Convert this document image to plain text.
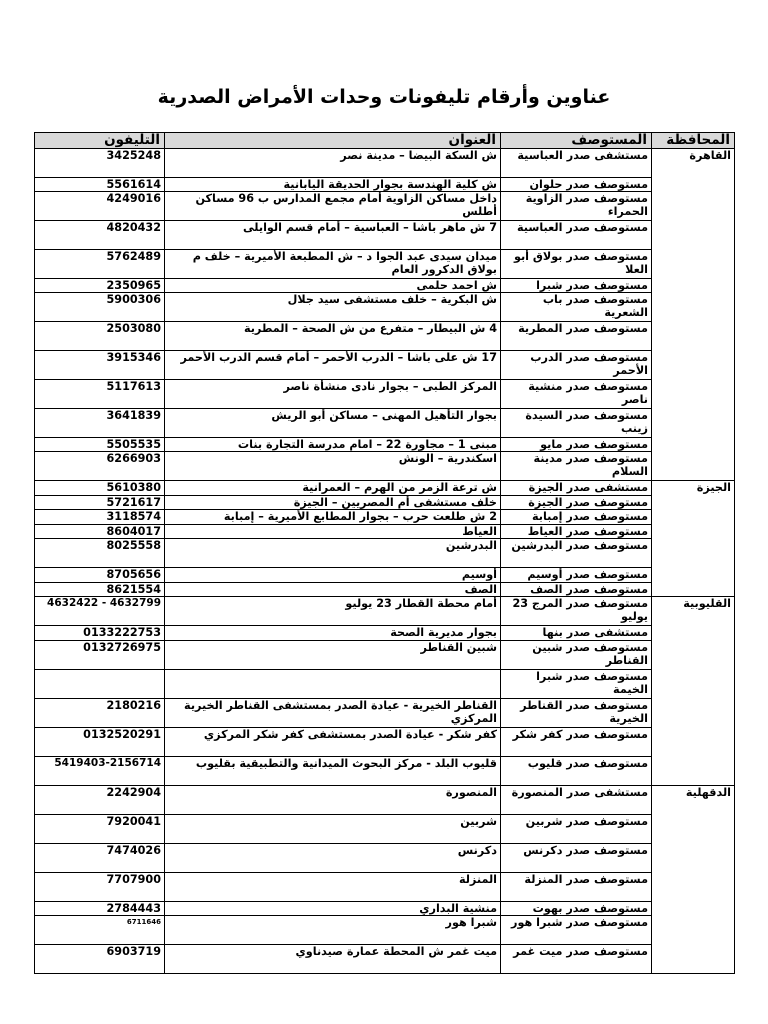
عناوين وأرقام تليفونات وحدات الأمراض الصدرية
المحافظة	المستوصف	العنوان	التليفون
القاهرة	مستشفى صدر العباسية	ش السكة البيضا – مدينة نصر	3425248
	مستوصف صدر حلوان	ش كلية الهندسة بجوار الحديقة اليابانية	5561614
	مستوصف صدر الزاوية الحمراء	داخل مساكن الزاوية أمام مجمع المدارس ب 96 مساكن أطلس	4249016
	مستوصف صدر العباسية	7 ش ماهر باشا – العباسية – أمام قسم الوايلى	4820432
	مستوصف صدر بولاق أبو العلا	ميدان سيدى عبد الجوا د – ش المطبعة الأميرية – خلف م بولاق الدكرور العام	5762489
	مستوصف صدر شبرا	ش احمد حلمى	2350965
	مستوصف صدر باب الشعرية	ش البكرية – خلف مستشفى سيد جلال	5900306
	مستوصف صدر المطرية	4 ش البيطار – متفرع من ش الصحة – المطرية	2503080
	مستوصف صدر الدرب الأحمر	17 ش على باشا – الدرب الأحمر – أمام قسم الدرب الأحمر	3915346
	مستوصف صدر منشية ناصر	المركز الطبى – بجوار نادى منشأة ناصر	5117613
	مستوصف صدر السيدة زينب	بجوار التأهيل المهنى – مساكن أبو الريش	3641839
	مستوصف صدر مايو	مبنى 1 – مجاورة 22 – امام مدرسة التجارة بنات	5505535
	مستوصف صدر مدينة السلام	اسكندرية – الونش	6266903
الجيزة	مستشفى صدر الجيزة	ش ترعة الزمر من الهرم – العمرانية	5610380
	مستوصف صدر الجيزة	خلف مستشفى أم المصريين – الجيزة	5721617
	مستوصف صدر إمبابة	2 ش طلعت حرب – بجوار المطابع الأميرية – إمبابة	3118574
	مستوصف صدر العياط	العياط	8604017
	مستوصف صدر البدرشين	البدرشين	8025558
	مستوصف صدر أوسيم	أوسيم	8705656
	مستوصف صدر الصف	الصف	8621554
القليوبية	مستوصف صدر المرج 23 يوليو	أمام محطة القطار 23 يوليو	4632422 - 4632799
	مستشفى صدر بنها	بجوار مديرية الصحة	0133222753
	مستوصف صدر شبين القناطر	شبين القناطر	0132726975
	مستوصف صدر شبرا الخيمة		
	مستوصف صدر القناطر الخيرية	القناطر الخيرية - عيادة الصدر بمستشفى القناطر الخيرية المركزي	2180216
	مستوصف صدر كفر شكر	كفر شكر - عيادة الصدر بمستشفى كفر شكر المركزي	0132520291
	مستوصف صدر قليوب	قليوب البلد - مركز البحوث الميدانية والتطبيقية بقليوب	5419403-2156714
الدقهلية	مستشفى صدر المنصورة	المنصورة	2242904
	مستوصف صدر شربين	شربين	7920041
	مستوصف صدر دكرنس	دكرنس	7474026
	مستوصف صدر المنزلة	المنزلة	7707900
	مستوصف صدر بهوت	منشية البداري	2784443
	مستوصف صدر شبرا هور	شبرا هور	6711646
	مستوصف صدر ميت غمر	ميت غمر ش المحطة عمارة صيدناوي	6903719
